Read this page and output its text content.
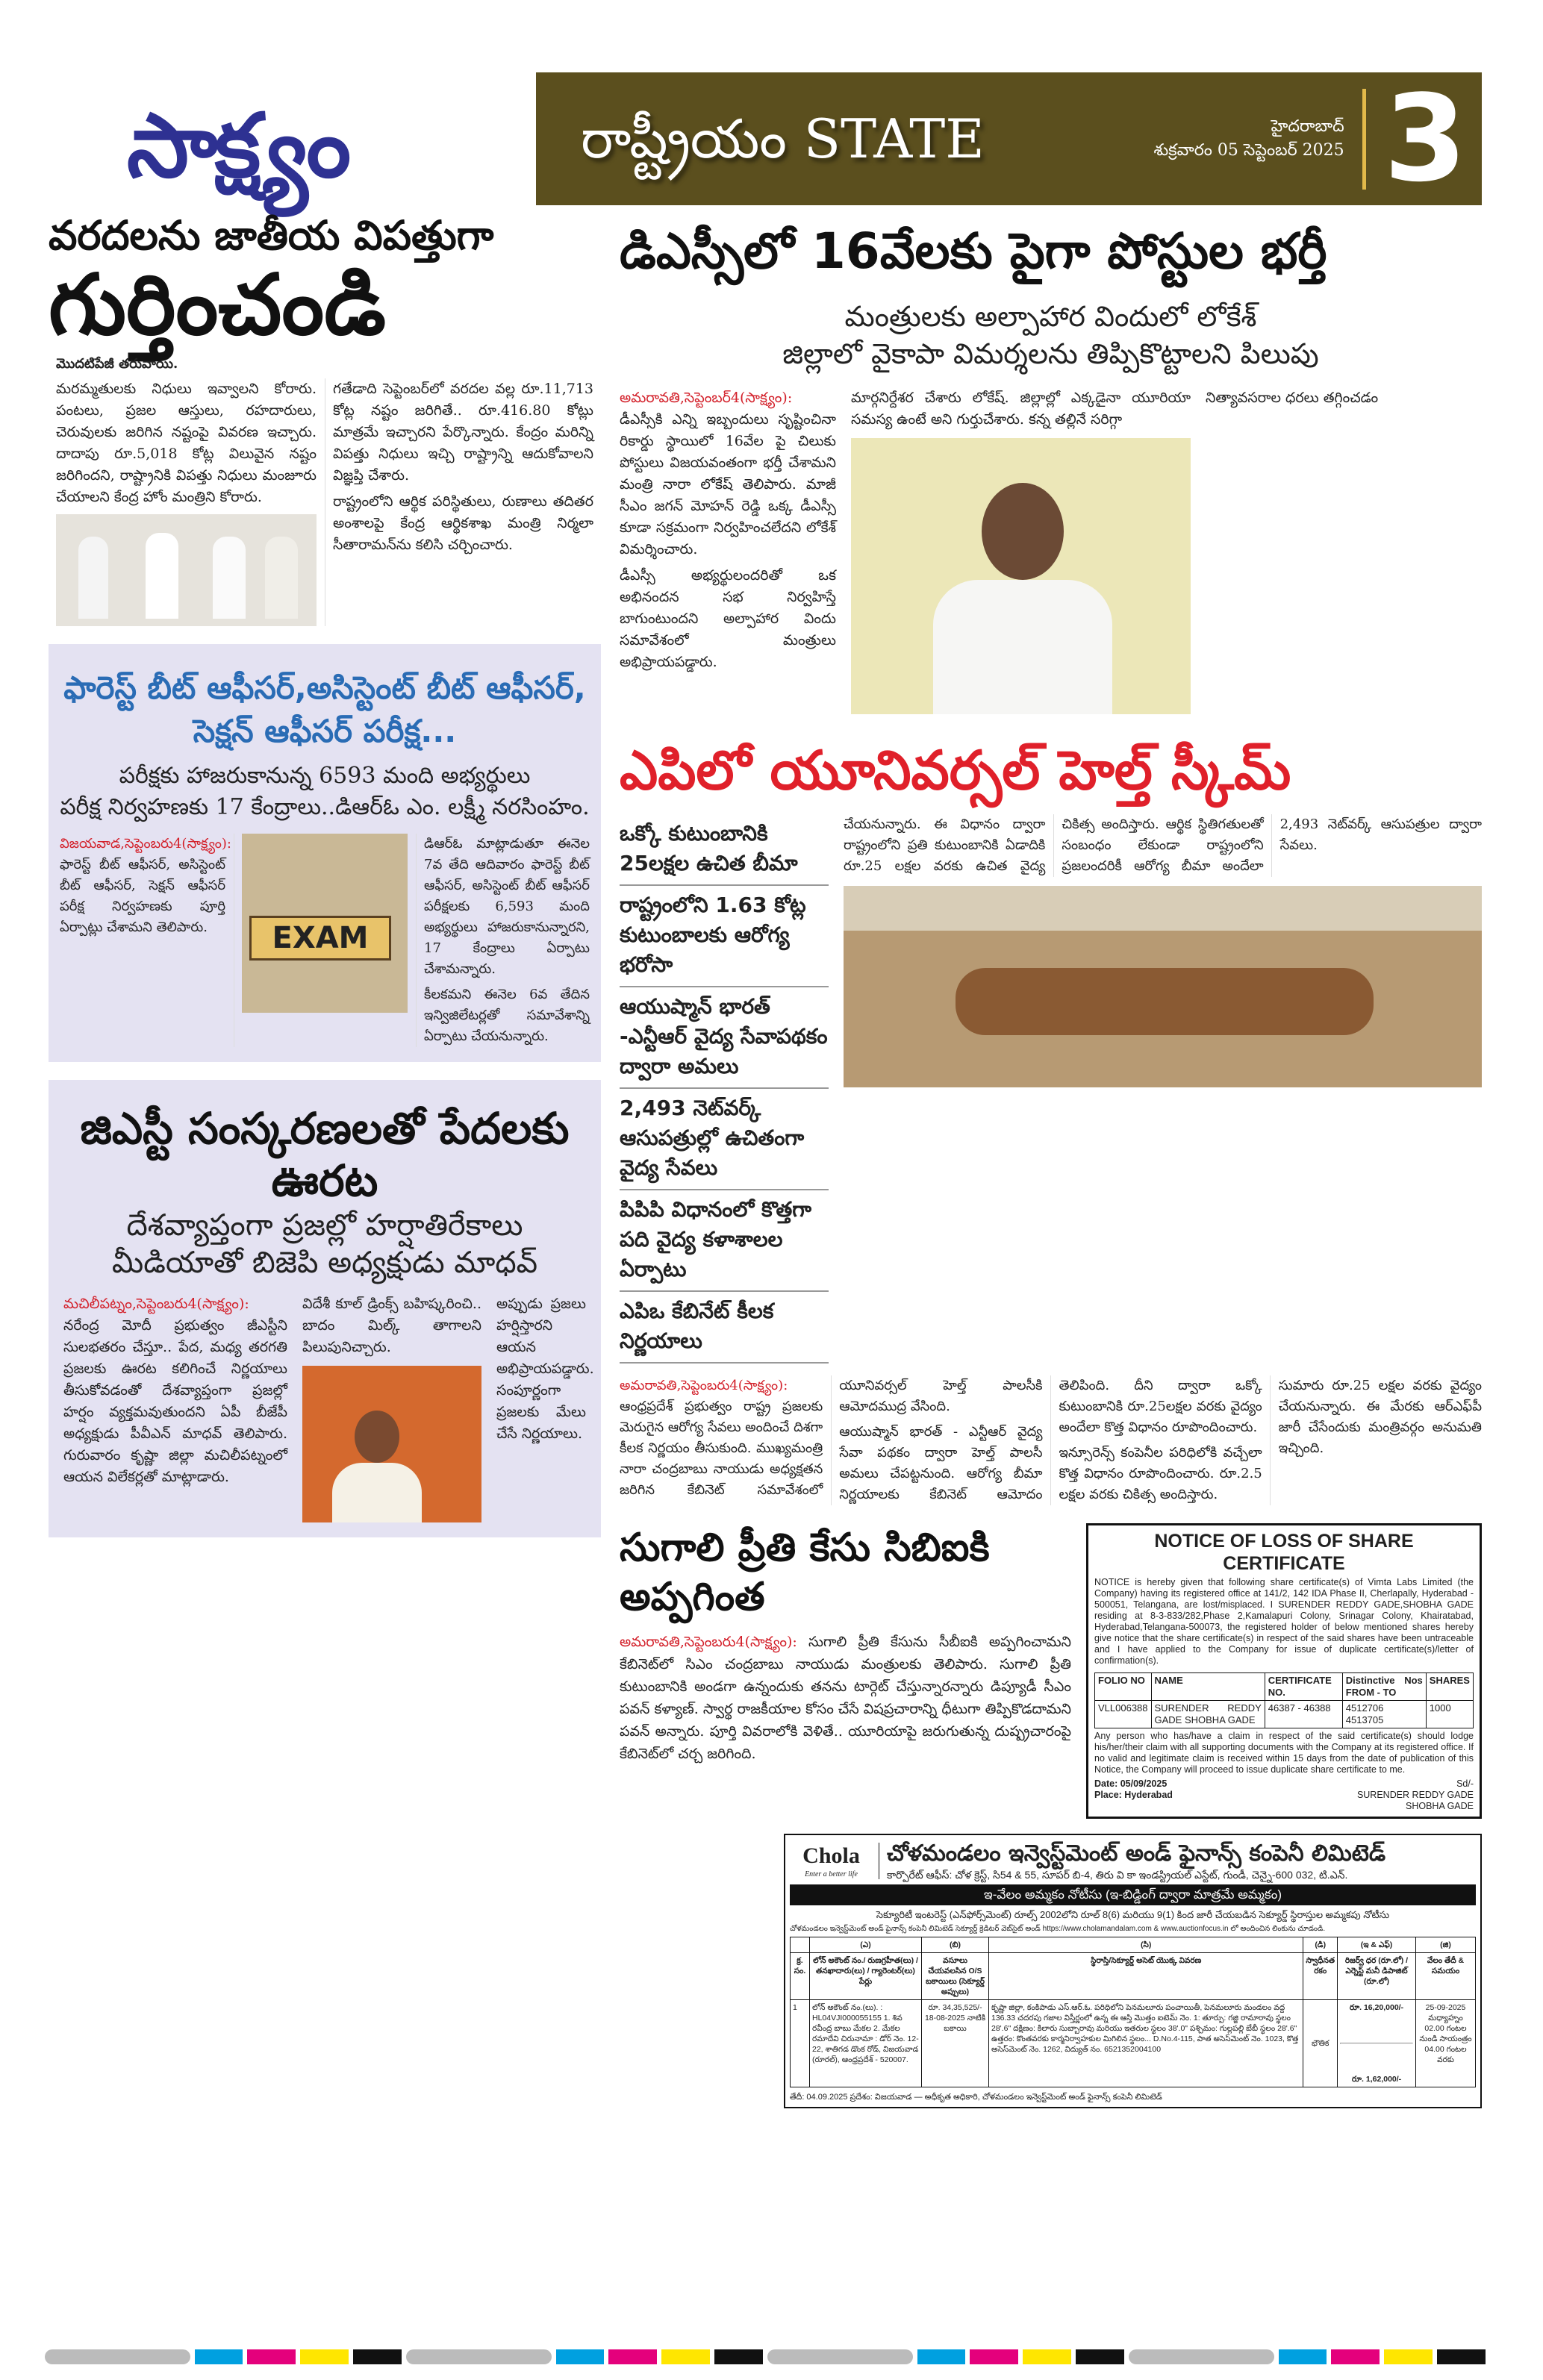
సాక్ష్యం	రాష్ట్రీయం STATE	హైదరాబాద్
శుక్రవారం 05 సెప్టెంబర్ 2025 3
వరదలను జాతీయ విపత్తుగా
గుర్తించండి
మొదటిపేజీ తరువాయి.

మరమ్మతులకు నిధులు ఇవ్వాలని కోరారు. పంటలు, ప్రజల ఆస్తులు, రహదారులు, చెరువులకు జరిగిన నష్టంపై వివరణ ఇచ్చారు. దాదాపు రూ.5,018 కోట్ల విలువైన నష్టం జరిగిందని, రాష్ట్రానికి విపత్తు నిధులు మంజూరు చేయాలని కేంద్ర హోం మంత్రిని కోరారు.

గతేడాది సెప్టెంబర్‌లో వరదల వల్ల రూ.11,713 కోట్ల నష్టం జరిగితే.. రూ.416.80 కోట్లు మాత్రమే ఇచ్చారని పేర్కొన్నారు. కేంద్రం మరిన్ని విపత్తు నిధులు ఇచ్చి రాష్ట్రాన్ని ఆదుకోవాలని విజ్ఞప్తి చేశారు.

రాష్ట్రంలోని ఆర్థిక పరిస్థితులు, రుణాలు తదితర అంశాలపై కేంద్ర ఆర్థికశాఖ మంత్రి నిర్మలా సీతారామన్‌ను కలిసి చర్చించారు.

ఫారెస్ట్ బీట్ ఆఫీసర్,అసిస్టెంట్ బీట్ ఆఫీసర్, సెక్షన్ ఆఫీసర్ పరీక్ష...
పరీక్షకు హాజరుకానున్న 6593 మంది అభ్యర్థులు
పరీక్ష నిర్వహణకు 17 కేంద్రాలు..డిఆర్‌ఓ ఎం. లక్ష్మీ నరసింహం.

విజయవాడ,సెప్టెంబరు4(సాక్ష్యం): ఫారెస్ట్ బీట్ ఆఫీసర్, అసిస్టెంట్ బీట్ ఆఫీసర్, సెక్షన్ ఆఫీసర్ పరీక్ష నిర్వహణకు పూర్తి ఏర్పాట్లు చేశామని తెలిపారు.	EXAM

డిఆర్‌ఓ మాట్లాడుతూ ఈనెల 7వ తేది ఆదివారం ఫారెస్ట్ బీట్ ఆఫీసర్, అసిస్టెంట్ బీట్ ఆఫీసర్ పరీక్షలకు 6,593 మంది అభ్యర్థులు హాజరుకానున్నారని, 17 కేంద్రాలు ఏర్పాటు చేశామన్నారు.

కీలకమని ఈనెల 6వ తేదిన ఇన్విజిలేటర్లతో సమావేశాన్ని ఏర్పాటు చేయనున్నారు.

జిఎస్టీ సంస్కరణలతో పేదలకు ఊరట
దేశవ్యాప్తంగా ప్రజల్లో హర్షాతిరేకాలు
మీడియాతో బిజెపి అధ్యక్షుడు మాధవ్

మచిలీపట్నం,సెప్టెంబరు4(సాక్ష్యం):
నరేంద్ర మోదీ ప్రభుత్వం జీఎస్టీని సులభతరం చేస్తూ.. పేద, మధ్య తరగతి ప్రజలకు ఊరట కలిగించే నిర్ణయాలు తీసుకోవడంతో దేశవ్యాప్తంగా ప్రజల్లో హర్షం వ్యక్తమవుతుందని ఏపీ బీజేపీ అధ్యక్షుడు పీవీఎన్ మాధవ్ తెలిపారు. గురువారం కృష్ణా జిల్లా మచిలీపట్నంలో ఆయన విలేకర్లతో మాట్లాడారు.

విదేశీ కూల్ డ్రింక్స్ బహిష్కరించి.. బాదం మిల్క్ తాగాలని పిలుపునిచ్చారు.

అప్పుడు ప్రజలు హర్షిస్తారని ఆయన అభిప్రాయపడ్డారు. సంపూర్ణంగా ప్రజలకు మేలు చేసే నిర్ణయాలు.

డిఎస్సీలో 16వేలకు పైగా పోస్టుల భర్తీ
మంత్రులకు అల్పాహార విందులో లోకేశ్
జిల్లాలో వైకాపా విమర్శలను తిప్పికొట్టాలని పిలుపు

అమరావతి,సెప్టెంబర్4(సాక్ష్యం):
డీఎస్సీకి ఎన్ని ఇబ్బందులు సృష్టించినా రికార్డు స్థాయిలో 16వేల పై చిలుకు పోస్టులు విజయవంతంగా భర్తీ చేశామని మంత్రి నారా లోకేష్ తెలిపారు. మాజీ సీఎం జగన్ మోహన్ రెడ్డి ఒక్క డీఎస్సీ కూడా సక్రమంగా నిర్వహించలేదని లోకేశ్ విమర్శించారు.

డీఎస్సీ అభ్యర్థులందరితో ఒక అభినందన సభ నిర్వహిస్తే బాగుంటుందని అల్పాహార విందు సమావేశంలో మంత్రులు అభిప్రాయపడ్డారు.

మార్గనిర్దేశర చేశారు లోకేష్. జిల్లాల్లో ఎక్కడైనా యూరియా సమస్య ఉంటే అని గుర్తుచేశారు. కన్న తల్లినే సరిగ్గా

నిత్యావసరాల ధరలు తగ్గించడం

ఎపిలో యూనివర్సల్ హెల్త్ స్కీమ్
ఒక్కో కుటుంబానికి 25లక్షల ఉచిత బీమా
రాష్ట్రంలోని 1.63 కోట్ల కుటుంబాలకు ఆరోగ్య భరోసా
ఆయుష్మాన్ భారత్ -ఎన్టీఆర్ వైద్య సేవాపథకం ద్వారా అమలు
2,493 నెట్‌వర్క్ ఆసుపత్రుల్లో ఉచితంగా వైద్య సేవలు
పిపిపి విధానంలో కొత్తగా పది వైద్య కళాశాలల ఏర్పాటు
ఎపిఒ కేబినేట్ కీలక నిర్ణయాలు
చేయనున్నారు. ఈ విధానం ద్వారా రాష్ట్రంలోని ప్రతి కుటుంబానికి ఏడాదికి రూ.25 లక్షల వరకు ఉచిత వైద్య చికిత్స అందిస్తారు. ఆర్థిక స్థితిగతులతో సంబంధం లేకుండా రాష్ట్రంలోని ప్రజలందరికీ ఆరోగ్య బీమా అందేలా 2,493 నెట్‌వర్క్ ఆసుపత్రుల ద్వారా సేవలు.

అమరావతి,సెప్టెంబరు4(సాక్ష్యం):
ఆంధ్రప్రదేశ్ ప్రభుత్వం రాష్ట్ర ప్రజలకు మెరుగైన ఆరోగ్య సేవలు అందించే దిశగా కీలక నిర్ణయం తీసుకుంది. ముఖ్యమంత్రి నారా చంద్రబాబు నాయుడు అధ్యక్షతన జరిగిన కేబినెట్ సమావేశంలో యూనివర్సల్ హెల్త్ పాలసీకి ఆమోదముద్ర వేసింది.

ఆయుష్మాన్ భారత్ - ఎన్టీఆర్ వైద్య సేవా పథకం ద్వారా హెల్త్ పాలసీ అమలు చేపట్టనుంది. ఆరోగ్య బీమా నిర్ణయాలకు కేబినెట్ ఆమోదం తెలిపింది. దీని ద్వారా ఒక్కో కుటుంబానికి రూ.25లక్షల వరకు వైద్యం అందేలా కొత్త విధానం రూపొందించారు.

ఇన్సూరెన్స్ కంపెనీల పరిధిలోకి వచ్చేలా కొత్త విధానం రూపొందించారు. రూ.2.5 లక్షల వరకు చికిత్స అందిస్తారు.

సుమారు రూ.25 లక్షల వరకు వైద్యం చేయనున్నారు. ఈ మేరకు ఆర్‌ఎఫ్‌పీ జారీ చేసేందుకు మంత్రివర్గం అనుమతి ఇచ్చింది.

సుగాలి ప్రీతి కేసు సిబిఐకి అప్పగింత
అమరావతి,సెప్టెంబరు4(సాక్ష్యం): సుగాలి ప్రీతి కేసును సీబీఐకి అప్పగించామని కేబినెట్‌లో సిఎం చంద్రబాబు నాయుడు మంత్రులకు తెలిపారు. సుగాలి ప్రీతి కుటుంబానికి అండగా ఉన్నందుకు తనను టార్గెట్ చేస్తున్నారన్నారు డిప్యూడీ సీఎం పవన్ కళ్యాణ్. స్వార్థ రాజకీయాల కోసం చేసే విషప్రచారాన్ని ధీటుగా తిప్పికొడదామని పవన్ అన్నారు. పూర్తి వివరాలోకి వెళితే.. యూరియాపై జరుగుతున్న దుష్ప్రచారంపై కేబినెట్‌లో చర్చ జరిగింది.
NOTICE OF LOSS OF SHARE CERTIFICATE
NOTICE is hereby given that following share certificate(s) of Vimta Labs Limited (the Company) having its registered office at 141/2, 142 IDA Phase II, Cherlapally, Hyderabad - 500051, Telangana, are lost/misplaced. I SURENDER REDDY GADE,SHOBHA GADE residing at 8-3-833/282,Phase 2,Kamalapuri Colony, Srinagar Colony, Khairatabad, Hyderabad,Telangana-500073, the registered holder of below mentioned shares hereby give notice that the share certificate(s) in respect of the said shares have been untraceable and I have applied to the Company for issue of duplicate certificate(s)/letter of confirmation(s).
FOLIO NO	NAME	CERTIFICATE NO.	Distinctive Nos FROM - TO	SHARES
VLL006388	SURENDER REDDY GADE SHOBHA GADE	46387 - 46388	4512706 4513705	1000
Any person who has/have a claim in respect of the said certificate(s) should lodge his/her/their claim with all supporting documents with the Company at its registered office. If no valid and legitimate claim is received within 15 days from the date of publication of this Notice, the Company will proceed to issue duplicate share certificate to me.
Date: 05/09/2025
Place: Hyderabad
Sd/-
SURENDER REDDY GADE
SHOBHA GADE
Chola
Enter a better life
చోళమండలం ఇన్వెస్ట్‌మెంట్ అండ్ ఫైనాన్స్ కంపెనీ లిమిటెడ్
కార్పొరేట్ ఆఫీస్: చోళ క్రెస్ట్, సి54 & 55, సూపర్ బి-4, తిరు వి కా ఇండస్ట్రియల్ ఎస్టేట్, గుండీ, చెన్నై-600 032, టి.ఎన్.
ఇ-వేలం అమ్మకం నోటీసు (ఇ-బిడ్డింగ్ ద్వారా మాత్రమే అమ్మకం)
సెక్యూరిటీ ఇంటరెస్ట్ (ఎన్‌ఫోర్స్‌మెంట్) రూల్స్ 2002లోని రూల్ 8(6) మరియు 9(1) కింద జారీ చేయబడిన సెక్యూర్డ్ స్థిరాస్తుల అమ్మకపు నోటీసు
చోళమండలం ఇన్వెస్ట్‌మెంట్ అండ్ ఫైనాన్స్ కంపెనీ లిమిటెడ్ సెక్యూర్డ్ క్రెడిటర్ వెబ్‌సైట్ అండ్ https://www.cholamandalam.com & www.auctionfocus.in లో అందించిన లింకును చూడండి.
	(ఎ)	(బి)	(సి)	(డి)	(ఇ & ఎఫ్)	(జి)
క్ర. సం.	లోన్ అకౌంట్ నం./ రుణగ్రహీత(లు) / తనఖాదారు(లు) / గ్యారెంటర్(లు) పేర్లు	వసూలు చేయవలసిన O/S బకాయిలు (సెక్యూర్డ్ అప్పులు)	స్థిరాస్తి/సెక్యూర్డ్ అసెట్ యొక్క వివరణ	స్వాధీనత రకం	రిజర్వ్ ధర (రూ.లో) / ఎర్నెస్ట్ మనీ డిపాజిట్ (రూ.లో)	వేలం తేదీ & సమయం
1	లోన్ అకౌంట్ నం.(లు). : HL04VJI000055155 1. శివ రవీంద్ర బాబు మేకల 2. మేకల రమాదేవి చిరునామా : డోర్ నెం. 12-22, శాతిగడ డొంక రోడ్, విజయవాడ (రూరల్), ఆంధ్రప్రదేశ్ - 520007.	రూ. 34,35,525/- 18-08-2025 నాటికి బకాయి	కృష్ణా జిల్లా, కంకిపాడు ఎస్.ఆర్.ఓ. పరిధిలోని పెనమలూరు పంచాయితీ, పెనమలూరు మండలం వద్ద 136.33 చదరపు గజాల విస్తీర్ణంలో ఉన్న ఈ ఆస్తి మొత్తం ఐటెమ్ నెం. 1: తూర్పు: గజ్జి రామారావు స్థలం 28'.6" దక్షిణం: కిలారు సుబ్బారావు మరియు ఇతరుల స్థలం 38'.0" పశ్చిమం: గుల్లపల్లి బేబీ స్థలం 28'.6" ఉత్తరం: కొంతవరకు కార్మనిర్వాహకుల మిగిలిన స్థలం... D.No.4-115, పాత అసెస్‌మెంట్ నెం. 1023, కొత్త అసెస్‌మెంట్ నెం. 1262, విద్యుత్ నం. 6521352004100	భౌతిక	రూ. 16,20,000/-
రూ. 1,62,000/-	25-09-2025 మధ్యాహ్నం 02.00 గంటల నుండి సాయంత్రం 04.00 గంటల వరకు
తేదీ: 04.09.2025 ప్రదేశం: విజయవాడ — అధీకృత అధికారి, చోళమండలం ఇన్వెస్ట్‌మెంట్ అండ్ ఫైనాన్స్ కంపెనీ లిమిటెడ్
